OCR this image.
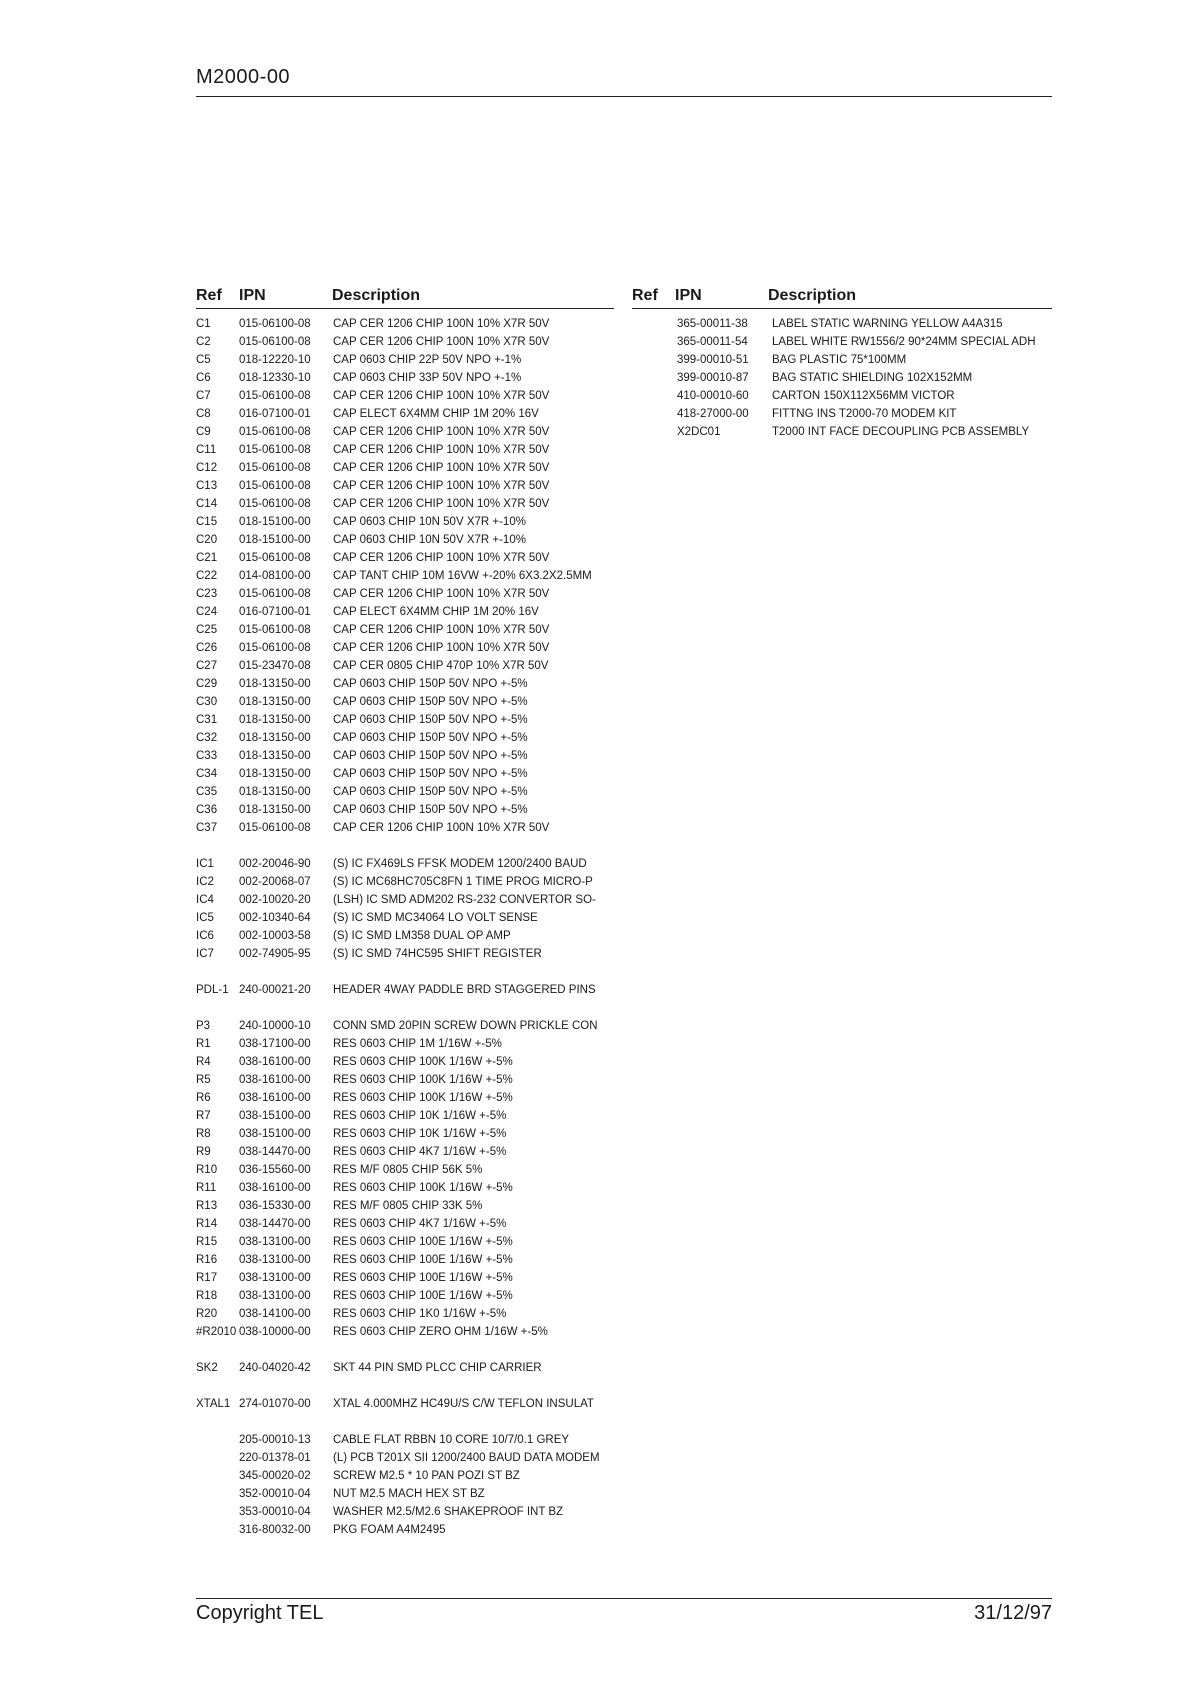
M2000-00
Ref IPN	Description	Ref IPN	Description
C1 015-06100-08 CAP CER 1206 CHIP 100N 10% X7R 50V
C2 015-06100-08 CAP CER 1206 CHIP 100N 10% X7R 50V
C5 018-12220-10 CAP 0603 CHIP 22P 50V NPO +-1%
C6 018-12330-10 CAP 0603 CHIP 33P 50V NPO +-1%
C7 015-06100-08 CAP CER 1206 CHIP 100N 10% X7R 50V
C8 016-07100-01 CAP ELECT 6X4MM CHIP 1M 20% 16V
C9 015-06100-08 CAP CER 1206 CHIP 100N 10% X7R 50V
C11 015-06100-08 CAP CER 1206 CHIP 100N 10% X7R 50V
C12 015-06100-08 CAP CER 1206 CHIP 100N 10% X7R 50V
C13 015-06100-08 CAP CER 1206 CHIP 100N 10% X7R 50V
C14 015-06100-08 CAP CER 1206 CHIP 100N 10% X7R 50V
C15 018-15100-00 CAP 0603 CHIP 10N 50V X7R +-10%
C20 018-15100-00 CAP 0603 CHIP 10N 50V X7R +-10%
C21 015-06100-08 CAP CER 1206 CHIP 100N 10% X7R 50V
C22 014-08100-00 CAP TANT CHIP 10M 16VW +-20% 6X3.2X2.5MM
C23 015-06100-08 CAP CER 1206 CHIP 100N 10% X7R 50V
C24 016-07100-01 CAP ELECT 6X4MM CHIP 1M 20% 16V
C25 015-06100-08 CAP CER 1206 CHIP 100N 10% X7R 50V
C26 015-06100-08 CAP CER 1206 CHIP 100N 10% X7R 50V
C27 015-23470-08 CAP CER 0805 CHIP 470P 10% X7R 50V
C29 018-13150-00 CAP 0603 CHIP 150P 50V NPO +-5%
C30 018-13150-00 CAP 0603 CHIP 150P 50V NPO +-5%
C31 018-13150-00 CAP 0603 CHIP 150P 50V NPO +-5%
C32 018-13150-00 CAP 0603 CHIP 150P 50V NPO +-5%
C33 018-13150-00 CAP 0603 CHIP 150P 50V NPO +-5%
C34 018-13150-00 CAP 0603 CHIP 150P 50V NPO +-5%
C35 018-13150-00 CAP 0603 CHIP 150P 50V NPO +-5%
C36 018-13150-00 CAP 0603 CHIP 150P 50V NPO +-5%
C37 015-06100-08 CAP CER 1206 CHIP 100N 10% X7R 50V
IC1 002-20046-90 (S) IC FX469LS FFSK MODEM 1200/2400 BAUD
IC2 002-20068-07 (S) IC MC68HC705C8FN 1 TIME PROG MICRO-P
IC4 002-10020-20 (LSH) IC SMD ADM202 RS-232 CONVERTOR SO-
IC5 002-10340-64 (S) IC SMD MC34064 LO VOLT SENSE
IC6 002-10003-58 (S) IC SMD LM358 DUAL OP AMP
IC7 002-74905-95 (S) IC SMD 74HC595 SHIFT REGISTER
PDL-1 240-00021-20 HEADER 4WAY PADDLE BRD STAGGERED PINS
P3	240-10000-10 CONN SMD 20PIN SCREW DOWN PRICKLE CON
R1 038-17100-00 RES 0603 CHIP 1M 1/16W +-5%
R4 038-16100-00 RES 0603 CHIP 100K 1/16W +-5%
R5 038-16100-00 RES 0603 CHIP 100K 1/16W +-5%
R6 038-16100-00 RES 0603 CHIP 100K 1/16W +-5%
R7 038-15100-00 RES 0603 CHIP 10K 1/16W +-5%
R8 038-15100-00 RES 0603 CHIP 10K 1/16W +-5%
R9 038-14470-00 RES 0603 CHIP 4K7 1/16W +-5%
R10 036-15560-00 RES M/F 0805 CHIP 56K 5%
R11 038-16100-00 RES 0603 CHIP 100K 1/16W +-5%
R13 036-15330-00 RES M/F 0805 CHIP 33K 5%
R14 038-14470-00 RES 0603 CHIP 4K7 1/16W +-5%
R15 038-13100-00 RES 0603 CHIP 100E 1/16W +-5%
R16 038-13100-00 RES 0603 CHIP 100E 1/16W +-5%
R17 038-13100-00 RES 0603 CHIP 100E 1/16W +-5%
R18 038-13100-00 RES 0603 CHIP 100E 1/16W +-5%
R20 038-14100-00 RES 0603 CHIP 1K0 1/16W +-5%
#R2010 038-10000-00 RES 0603 CHIP ZERO OHM 1/16W +-5%
SK2 240-04020-42 SKT 44 PIN SMD PLCC CHIP CARRIER
XTAL1 274-01070-00 XTAL 4.000MHZ HC49U/S C/W TEFLON INSULAT
205-00010-13 CABLE FLAT RBBN 10 CORE 10/7/0.1 GREY
220-01378-01 (L) PCB T201X SII 1200/2400 BAUD DATA MODEM
345-00020-02 SCREW M2.5 * 10 PAN POZI ST BZ
352-00010-04 NUT M2.5 MACH HEX ST BZ
353-00010-04 WASHER M2.5/M2.6 SHAKEPROOF INT BZ
316-80032-00 PKG FOAM A4M2495
365-00011-38 LABEL STATIC WARNING YELLOW A4A315
365-00011-54 LABEL WHITE RW1556/2 90*24MM SPECIAL ADH
399-00010-51 BAG PLASTIC 75*100MM
399-00010-87 BAG STATIC SHIELDING 102X152MM
410-00010-60 CARTON 150X112X56MM VICTOR
418-27000-00 FITTNG INS T2000-70 MODEM KIT
X2DC01	T2000 INT FACE DECOUPLING PCB ASSEMBLY
Copyright TEL	31/12/97
